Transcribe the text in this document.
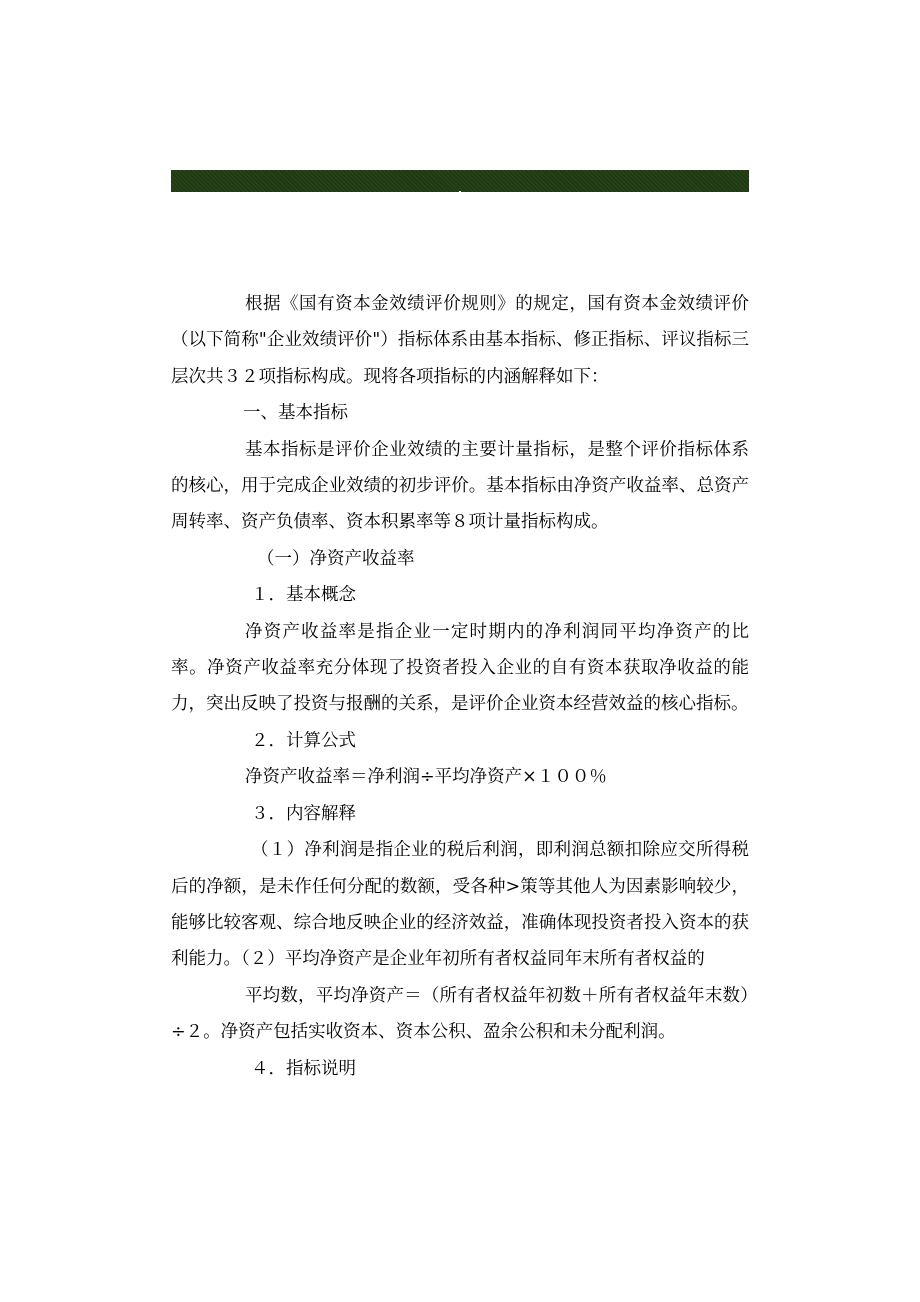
根据《国有资本金效绩评价规则》的规定，国有资本金效绩评价（以下简称"企业效绩评价"）指标体系由基本指标、修正指标、评议指标三层次共３２项指标构成。现将各项指标的内涵解释如下：

一、基本指标

基本指标是评价企业效绩的主要计量指标，是整个评价指标体系的核心，用于完成企业效绩的初步评价。基本指标由净资产收益率、总资产周转率、资产负债率、资本积累率等８项计量指标构成。

（一）净资产收益率

１．基本概念

净资产收益率是指企业一定时期内的净利润同平均净资产的比率。净资产收益率充分体现了投资者投入企业的自有资本获取净收益的能力，突出反映了投资与报酬的关系，是评价企业资本经营效益的核心指标。

２．计算公式

净资产收益率＝净利润÷平均净资产×１００％

３．内容解释

（１）净利润是指企业的税后利润，即利润总额扣除应交所得税后的净额，是未作任何分配的数额，受各种>策等其他人为因素影响较少，能够比较客观、综合地反映企业的经济效益，准确体现投资者投入资本的获利能力。（２）平均净资产是企业年初所有者权益同年末所有者权益的

平均数，平均净资产＝（所有者权益年初数＋所有者权益年末数）÷２。净资产包括实收资本、资本公积、盈余公积和未分配利润。

４．指标说明
